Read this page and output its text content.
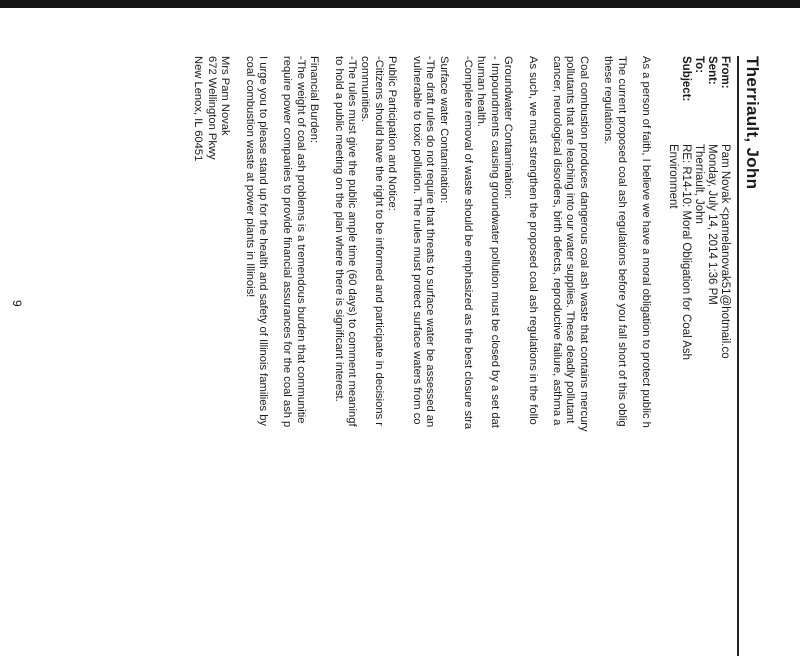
Therriault, John
From:	Pam Novak <pamelanovak51@hotmail.co
Sent:	Monday, July 14, 2014 1:36 PM
To:	Therriault, John
Subject:	RE: R14-10: Moral Obligation for Coal Ash
	Environment

As a person of faith, I believe we have a moral obligation to protect public h

The current proposed coal ash regulations before you fall short of this oblig
these regulations.

Coal combustion produces dangerous coal ash waste that contains mercury
pollutants that are leaching into our water supplies. These deadly pollutant
cancer, neurological disorders, birth defects, reproductive failure, asthma a

As such, we must strengthen the proposed coal ash regulations in the follo

Groundwater Contamination:
- Impoundments causing groundwater pollution must be closed by a set dat
human health.
-Complete removal of waste should be emphasized as the best closure stra

Surface water Contamination:
-The draft rules do not require that threats to surface water be assessed an
vulnerable to toxic pollution. The rules must protect surface waters from co

Public Participation and Notice:
-Citizens should have the right to be informed and participate in decisions r
communities.
-The rules must give the public ample time (60 days) to comment meaningf
to hold a public meeting on the plan where there is significant interest.

Financial Burden:
-The weight of coal ash problems is a tremendous burden that communitie
require power companies to provide financial assurances for the coal ash p

I urge you to please stand up for the health and safety of Illinois families by
coal combustion waste at power plants in Illinois!

Mrs Pam Novak
672 Wellington Pkwy
New Lenox, IL 60451

9
